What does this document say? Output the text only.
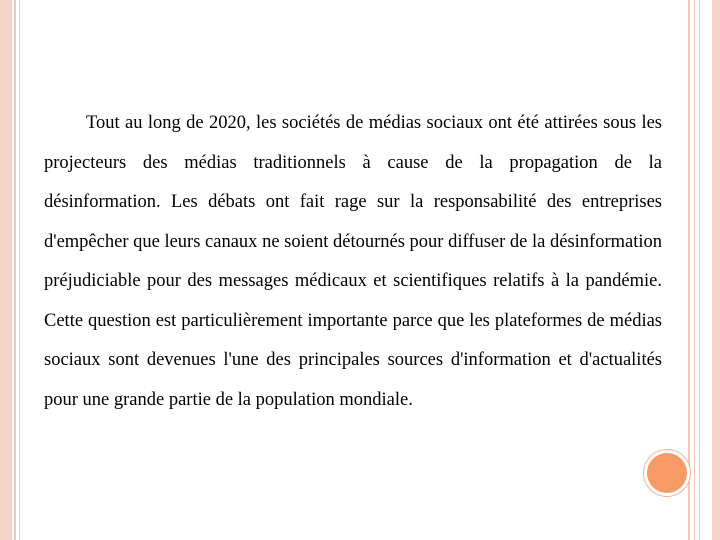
Tout au long de 2020, les sociétés de médias sociaux ont été attirées sous les projecteurs des médias traditionnels à cause de la propagation de la désinformation. Les débats ont fait rage sur la responsabilité des entreprises d'empêcher que leurs canaux ne soient détournés pour diffuser de la désinformation préjudiciable pour des messages médicaux et scientifiques relatifs à la pandémie. Cette question est particulièrement importante parce que les plateformes de médias sociaux sont devenues l'une des principales sources d'information et d'actualités pour une grande partie de la population mondiale.
